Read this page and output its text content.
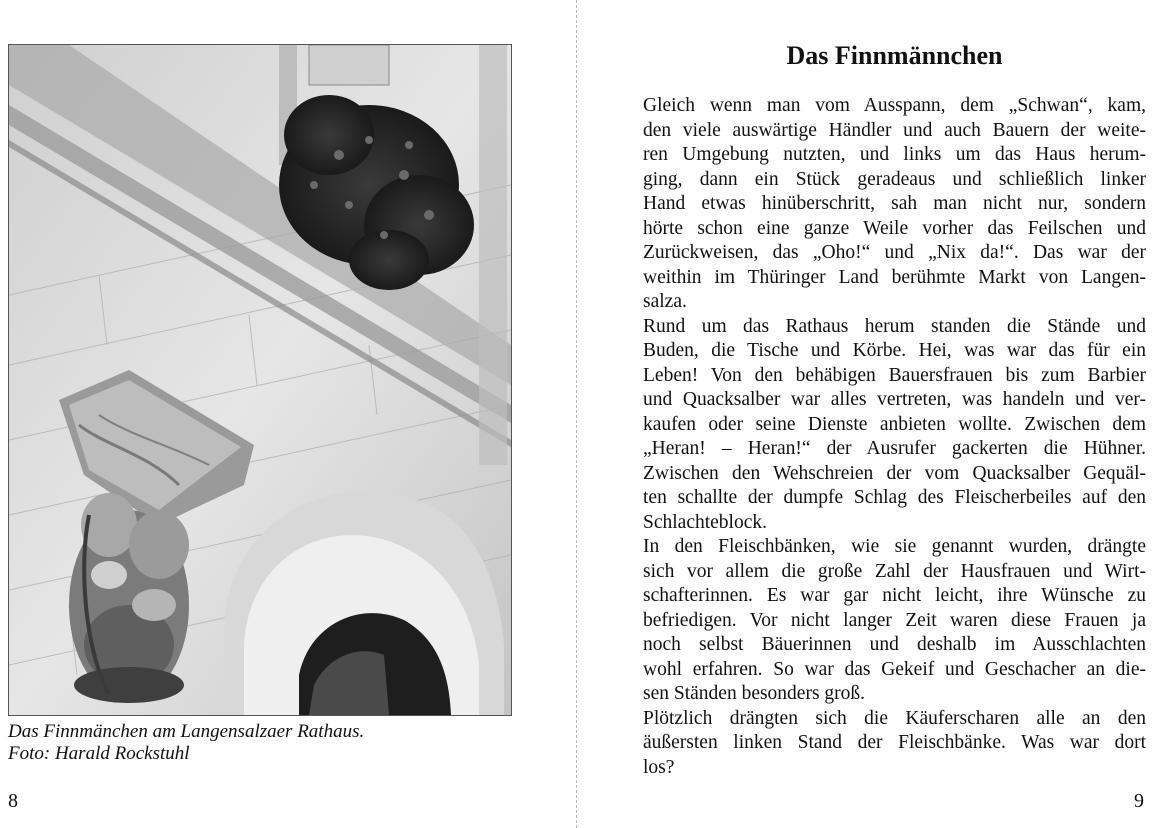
Das Finnmänchen am Langensalzaer Rathaus.
Foto: Harald Rockstuhl
8
Das Finnmännchen
Gleich wenn man vom Ausspann, dem „Schwan“, kam,
den viele auswärtige Händler und auch Bauern der weite-
ren Umgebung nutzten, und links um das Haus herum-
ging, dann ein Stück geradeaus und schließlich linker
Hand etwas hinüberschritt, sah man nicht nur, sondern
hörte schon eine ganze Weile vorher das Feilschen und
Zurückweisen, das „Oho!“ und „Nix da!“. Das war der
weithin im Thüringer Land berühmte Markt von Langen-
salza.
Rund um das Rathaus herum standen die Stände und
Buden, die Tische und Körbe. Hei, was war das für ein
Leben! Von den behäbigen Bauersfrauen bis zum Barbier
und Quacksalber war alles vertreten, was handeln und ver-
kaufen oder seine Dienste anbieten wollte. Zwischen dem
„Heran! – Heran!“ der Ausrufer gackerten die Hühner.
Zwischen den Wehschreien der vom Quacksalber Gequäl-
ten schallte der dumpfe Schlag des Fleischerbeiles auf den
Schlachteblock.
In den Fleischbänken, wie sie genannt wurden, drängte
sich vor allem die große Zahl der Hausfrauen und Wirt-
schafterinnen. Es war gar nicht leicht, ihre Wünsche zu
befriedigen. Vor nicht langer Zeit waren diese Frauen ja
noch selbst Bäuerinnen und deshalb im Ausschlachten
wohl erfahren. So war das Gekeif und Geschacher an die-
sen Ständen besonders groß.
Plötzlich drängten sich die Käuferscharen alle an den
äußersten linken Stand der Fleischbänke. Was war dort
los?
9
